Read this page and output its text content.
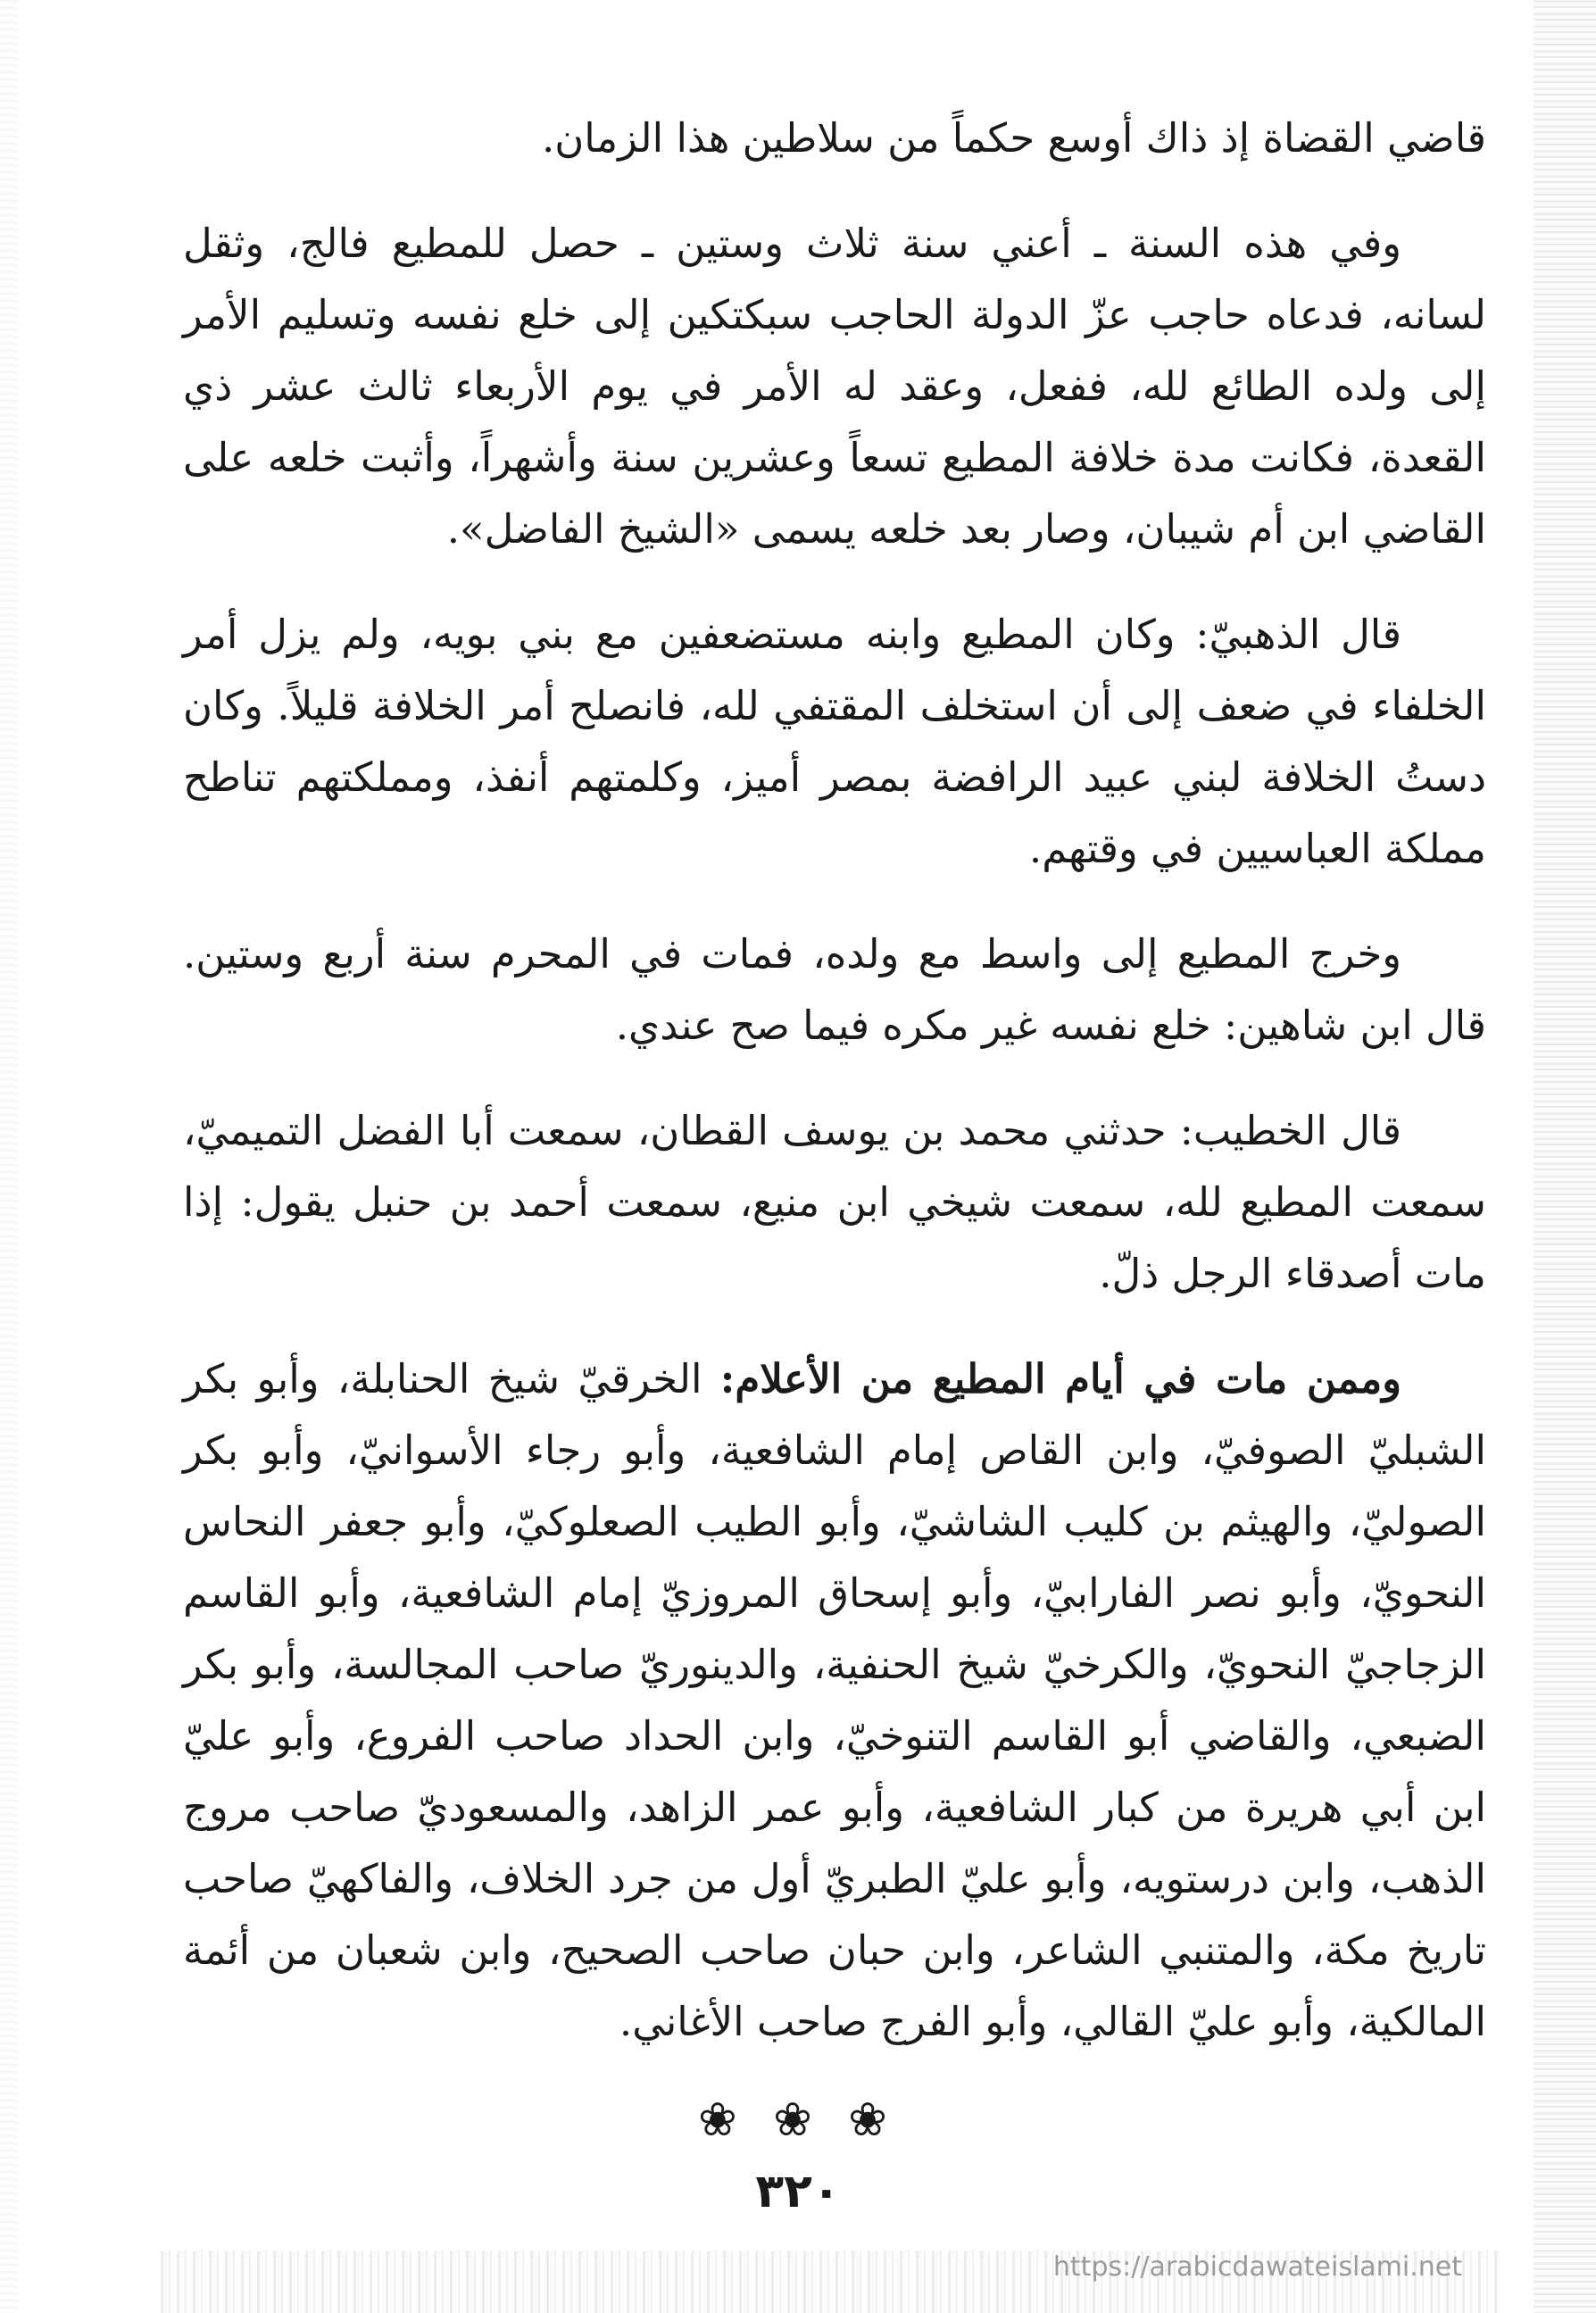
قاضي القضاة إذ ذاك أوسع حكماً من سلاطين هذا الزمان.

وفي هذه السنة ـ أعني سنة ثلاث وستين ـ حصل للمطيع فالج، وثقل لسانه، فدعاه حاجب عزّ الدولة الحاجب سبكتكين إلى خلع نفسه وتسليم الأمر إلى ولده الطائع لله، ففعل، وعقد له الأمر في يوم الأربعاء ثالث عشر ذي القعدة، فكانت مدة خلافة المطيع تسعاً وعشرين سنة وأشهراً، وأثبت خلعه على القاضي ابن أم شيبان، وصار بعد خلعه يسمى «الشيخ الفاضل».

قال الذهبيّ: وكان المطيع وابنه مستضعفين مع بني بويه، ولم يزل أمر الخلفاء في ضعف إلى أن استخلف المقتفي لله، فانصلح أمر الخلافة قليلاً. وكان دستُ الخلافة لبني عبيد الرافضة بمصر أميز، وكلمتهم أنفذ، ومملكتهم تناطح مملكة العباسيين في وقتهم.

وخرج المطيع إلى واسط مع ولده، فمات في المحرم سنة أربع وستين. قال ابن شاهين: خلع نفسه غير مكره فيما صح عندي.

قال الخطيب: حدثني محمد بن يوسف القطان، سمعت أبا الفضل التميميّ، سمعت المطيع لله، سمعت شيخي ابن منيع، سمعت أحمد بن حنبل يقول: إذا مات أصدقاء الرجل ذلّ.

وممن مات في أيام المطيع من الأعلام: الخرقيّ شيخ الحنابلة، وأبو بكر الشبليّ الصوفيّ، وابن القاص إمام الشافعية، وأبو رجاء الأسوانيّ، وأبو بكر الصوليّ، والهيثم بن كليب الشاشيّ، وأبو الطيب الصعلوكيّ، وأبو جعفر النحاس النحويّ، وأبو نصر الفارابيّ، وأبو إسحاق المروزيّ إمام الشافعية، وأبو القاسم الزجاجيّ النحويّ، والكرخيّ شيخ الحنفية، والدينوريّ صاحب المجالسة، وأبو بكر الضبعي، والقاضي أبو القاسم التنوخيّ، وابن الحداد صاحب الفروع، وأبو عليّ ابن أبي هريرة من كبار الشافعية، وأبو عمر الزاهد، والمسعوديّ صاحب مروج الذهب، وابن درستويه، وأبو عليّ الطبريّ أول من جرد الخلاف، والفاكهيّ صاحب تاريخ مكة، والمتنبي الشاعر، وابن حبان صاحب الصحيح، وابن شعبان من أئمة المالكية، وأبو عليّ القالي، وأبو الفرج صاحب الأغاني.

❀ ❀ ❀
٣٢٠
https://arabicdawateislami.net
